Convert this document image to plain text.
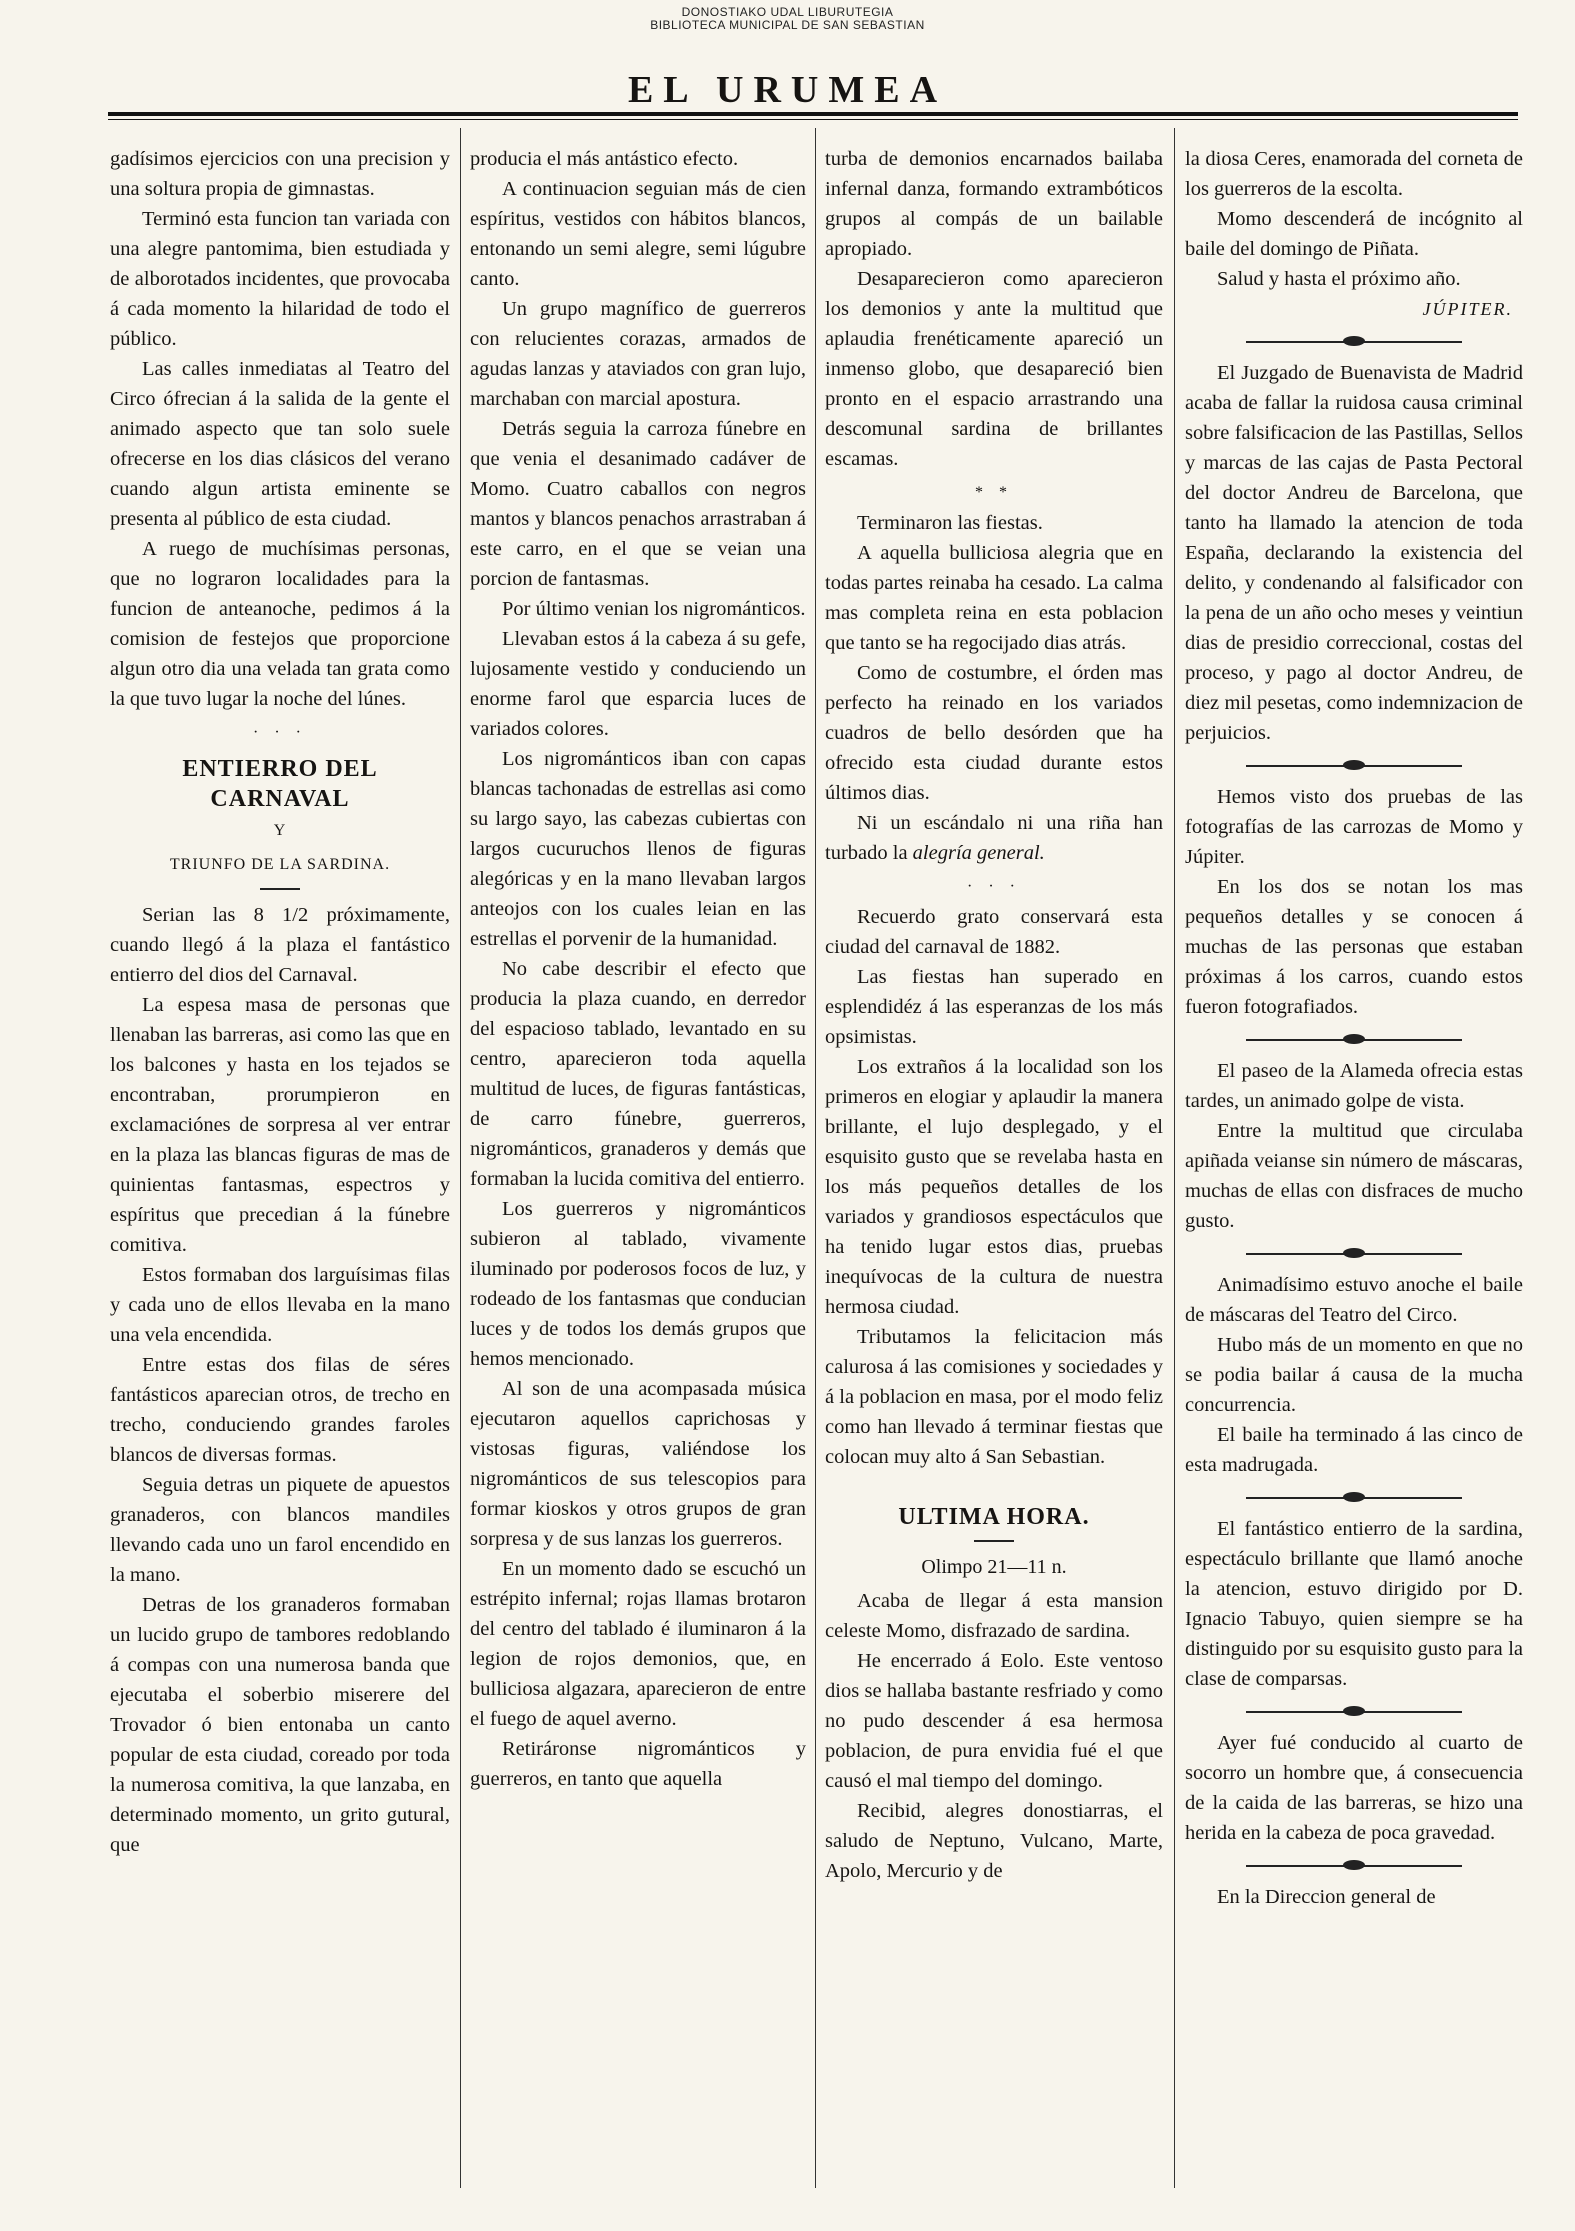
DONOSTIAKO UDAL LIBURUTEGIA
BIBLIOTECA MUNICIPAL DE SAN SEBASTIAN
EL URUMEA

gadísimos ejercicios con una precision y una soltura propia de gimnastas.

Terminó esta funcion tan variada con una alegre pantomima, bien estudiada y de alborotados incidentes, que provocaba á cada momento la hilaridad de todo el público.

Las calles inmediatas al Teatro del Circo ófrecian á la salida de la gente el animado aspecto que tan solo suele ofrecerse en los dias clásicos del verano cuando algun artista eminente se presenta al público de esta ciudad.

A ruego de muchísimas personas, que no lograron localidades para la funcion de anteanoche, pedimos á la comision de festejos que proporcione algun otro dia una velada tan grata como la que tuvo lugar la noche del lúnes.

· · ·
ENTIERRO DEL CARNAVAL
Y
TRIUNFO DE LA SARDINA.

Serian las 8 1/2 próximamente, cuando llegó á la plaza el fantástico entierro del dios del Carnaval.

La espesa masa de personas que llenaban las barreras, asi como las que en los balcones y hasta en los tejados se encontraban, prorumpieron en exclamaciónes de sorpresa al ver entrar en la plaza las blancas figuras de mas de quinientas fantasmas, espectros y espíritus que precedian á la fúnebre comitiva.

Estos formaban dos larguísimas filas y cada uno de ellos llevaba en la mano una vela encendida.

Entre estas dos filas de séres fantásticos aparecian otros, de trecho en trecho, conduciendo grandes faroles blancos de diversas formas.

Seguia detras un piquete de apuestos granaderos, con blancos mandiles llevando cada uno un farol encendido en la mano.

Detras de los granaderos formaban un lucido grupo de tambores redoblando á compas con una numerosa banda que ejecutaba el soberbio miserere del Trovador ó bien entonaba un canto popular de esta ciudad, coreado por toda la numerosa comitiva, la que lanzaba, en determinado momento, un grito gutural, que

producia el más antástico efecto.

A continuacion seguian más de cien espíritus, vestidos con hábitos blancos, entonando un semi alegre, semi lúgubre canto.

Un grupo magnífico de guerreros con relucientes corazas, armados de agudas lanzas y ataviados con gran lujo, marchaban con marcial apostura.

Detrás seguia la carroza fúnebre en que venia el desanimado cadáver de Momo. Cuatro caballos con negros mantos y blancos penachos arrastraban á este carro, en el que se veian una porcion de fantasmas.

Por último venian los nigrománticos.

Llevaban estos á la cabeza á su gefe, lujosamente vestido y conduciendo un enorme farol que esparcia luces de variados colores.

Los nigrománticos iban con capas blancas tachonadas de estrellas asi como su largo sayo, las cabezas cubiertas con largos cucuruchos llenos de figuras alegóricas y en la mano llevaban largos anteojos con los cuales leian en las estrellas el porvenir de la humanidad.

No cabe describir el efecto que producia la plaza cuando, en derredor del espacioso tablado, levantado en su centro, aparecieron toda aquella multitud de luces, de figuras fantásticas, de carro fúnebre, guerreros, nigrománticos, granaderos y demás que formaban la lucida comitiva del entierro.

Los guerreros y nigrománticos subieron al tablado, vivamente iluminado por poderosos focos de luz, y rodeado de los fantasmas que conducian luces y de todos los demás grupos que hemos mencionado.

Al son de una acompasada música ejecutaron aquellos caprichosas y vistosas figuras, valiéndose los nigrománticos de sus telescopios para formar kioskos y otros grupos de gran sorpresa y de sus lanzas los guerreros.

En un momento dado se escuchó un estrépito infernal; rojas llamas brotaron del centro del tablado é iluminaron á la legion de rojos demonios, que, en bulliciosa algazara, aparecieron de entre el fuego de aquel averno.

Retiráronse nigrománticos y guerreros, en tanto que aquella

turba de demonios encarnados bailaba infernal danza, formando extrambóticos grupos al compás de un bailable apropiado.

Desaparecieron como aparecieron los demonios y ante la multitud que aplaudia frenéticamente apareció un inmenso globo, que desapareció bien pronto en el espacio arrastrando una descomunal sardina de brillantes escamas.

* *

Terminaron las fiestas.

A aquella bulliciosa alegria que en todas partes reinaba ha cesado. La calma mas completa reina en esta poblacion que tanto se ha regocijado dias atrás.

Como de costumbre, el órden mas perfecto ha reinado en los variados cuadros de bello desórden que ha ofrecido esta ciudad durante estos últimos dias.

Ni un escándalo ni una riña han turbado la alegría general.

· · ·

Recuerdo grato conservará esta ciudad del carnaval de 1882.

Las fiestas han superado en esplendidéz á las esperanzas de los más opsimistas.

Los extraños á la localidad son los primeros en elogiar y aplaudir la manera brillante, el lujo desplegado, y el esquisito gusto que se revelaba hasta en los más pequeños detalles de los variados y grandiosos espectáculos que ha tenido lugar estos dias, pruebas inequívocas de la cultura de nuestra hermosa ciudad.

Tributamos la felicitacion más calurosa á las comisiones y sociedades y á la poblacion en masa, por el modo feliz como han llevado á terminar fiestas que colocan muy alto á San Sebastian.

ULTIMA HORA.
Olimpo 21—11 n.

Acaba de llegar á esta mansion celeste Momo, disfrazado de sardina.

He encerrado á Eolo. Este ventoso dios se hallaba bastante resfriado y como no pudo descender á esa hermosa poblacion, de pura envidia fué el que causó el mal tiempo del domingo.

Recibid, alegres donostiarras, el saludo de Neptuno, Vulcano, Marte, Apolo, Mercurio y de

la diosa Ceres, enamorada del corneta de los guerreros de la escolta.

Momo descenderá de incógnito al baile del domingo de Piñata.

Salud y hasta el próximo año.

JÚPITER.

El Juzgado de Buenavista de Madrid acaba de fallar la ruidosa causa criminal sobre falsificacion de las Pastillas, Sellos y marcas de las cajas de Pasta Pectoral del doctor Andreu de Barcelona, que tanto ha llamado la atencion de toda España, declarando la existencia del delito, y condenando al falsificador con la pena de un año ocho meses y veintiun dias de presidio correccional, costas del proceso, y pago al doctor Andreu, de diez mil pesetas, como indemnizacion de perjuicios.

Hemos visto dos pruebas de las fotografías de las carrozas de Momo y Júpiter.

En los dos se notan los mas pequeños detalles y se conocen á muchas de las personas que estaban próximas á los carros, cuando estos fueron fotografiados.

El paseo de la Alameda ofrecia estas tardes, un animado golpe de vista.

Entre la multitud que circulaba apiñada veianse sin número de máscaras, muchas de ellas con disfraces de mucho gusto.

Animadísimo estuvo anoche el baile de máscaras del Teatro del Circo.

Hubo más de un momento en que no se podia bailar á causa de la mucha concurrencia.

El baile ha terminado á las cinco de esta madrugada.

El fantástico entierro de la sardina, espectáculo brillante que llamó anoche la atencion, estuvo dirigido por D. Ignacio Tabuyo, quien siempre se ha distinguido por su esquisito gusto para la clase de comparsas.

Ayer fué conducido al cuarto de socorro un hombre que, á consecuencia de la caida de las barreras, se hizo una herida en la cabeza de poca gravedad.

En la Direccion general de
